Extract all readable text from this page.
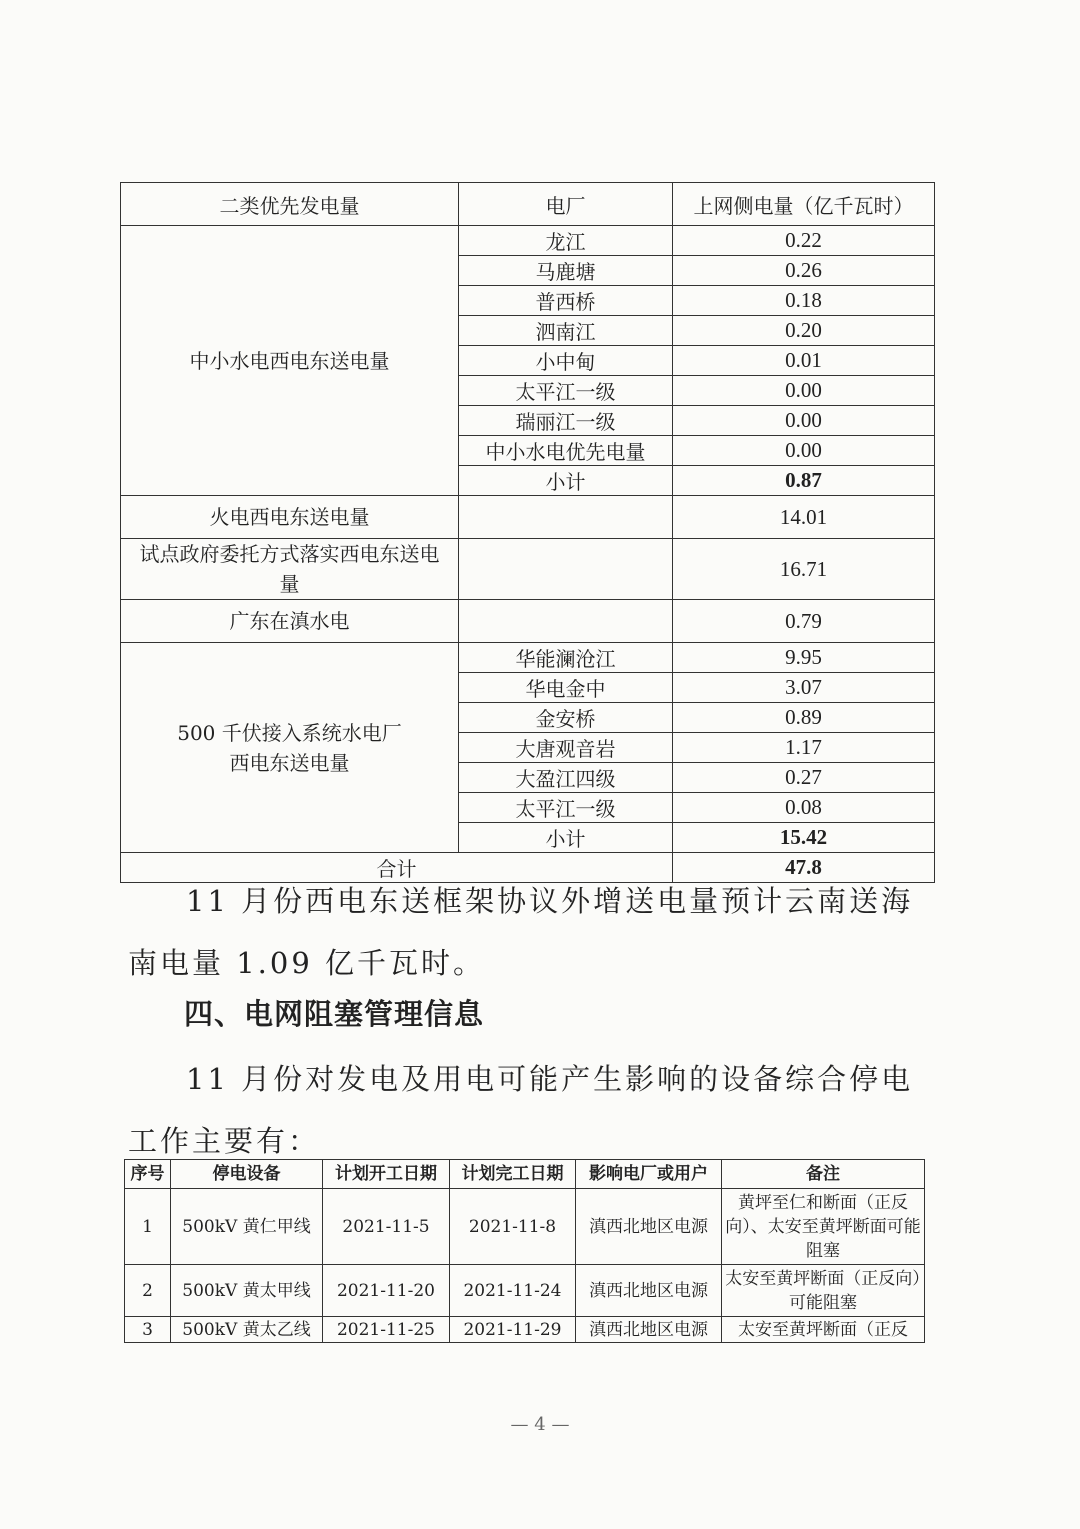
二类优先发电量	电厂	上网侧电量（亿千瓦时）
中小水电西电东送电量	龙江	0.22
	马鹿塘	0.26
	普西桥	0.18
	泗南江	0.20
	小中甸	0.01
	太平江一级	0.00
	瑞丽江一级	0.00
	中小水电优先电量	0.00
	小计	0.87
火电西电东送电量		14.01
试点政府委托方式落实西电东送电量		16.71
广东在滇水电		0.79

500 千伏接入系统水电厂
西电东送电量	华能澜沧江	9.95
	华电金中	3.07
	金安桥	0.89
	大唐观音岩	1.17
	大盈江四级	0.27
	太平江一级	0.08
	小计	15.42
合计		47.8

11 月份西电东送框架协议外增送电量预计云南送海南电量 1.09 亿千瓦时。

四、电网阻塞管理信息

11 月份对发电及用电可能产生影响的设备综合停电工作主要有：

序号	停电设备	计划开工日期	计划完工日期	影响电厂或用户	备注
1	500kV 黄仁甲线	2021-11-5	2021-11-8	滇西北地区电源	黄坪至仁和断面（正反向）、太安至黄坪断面可能阻塞
2	500kV 黄太甲线	2021-11-20	2021-11-24	滇西北地区电源	太安至黄坪断面（正反向）可能阻塞
3	500kV 黄太乙线	2021-11-25	2021-11-29	滇西北地区电源	太安至黄坪断面（正反
— 4 —
